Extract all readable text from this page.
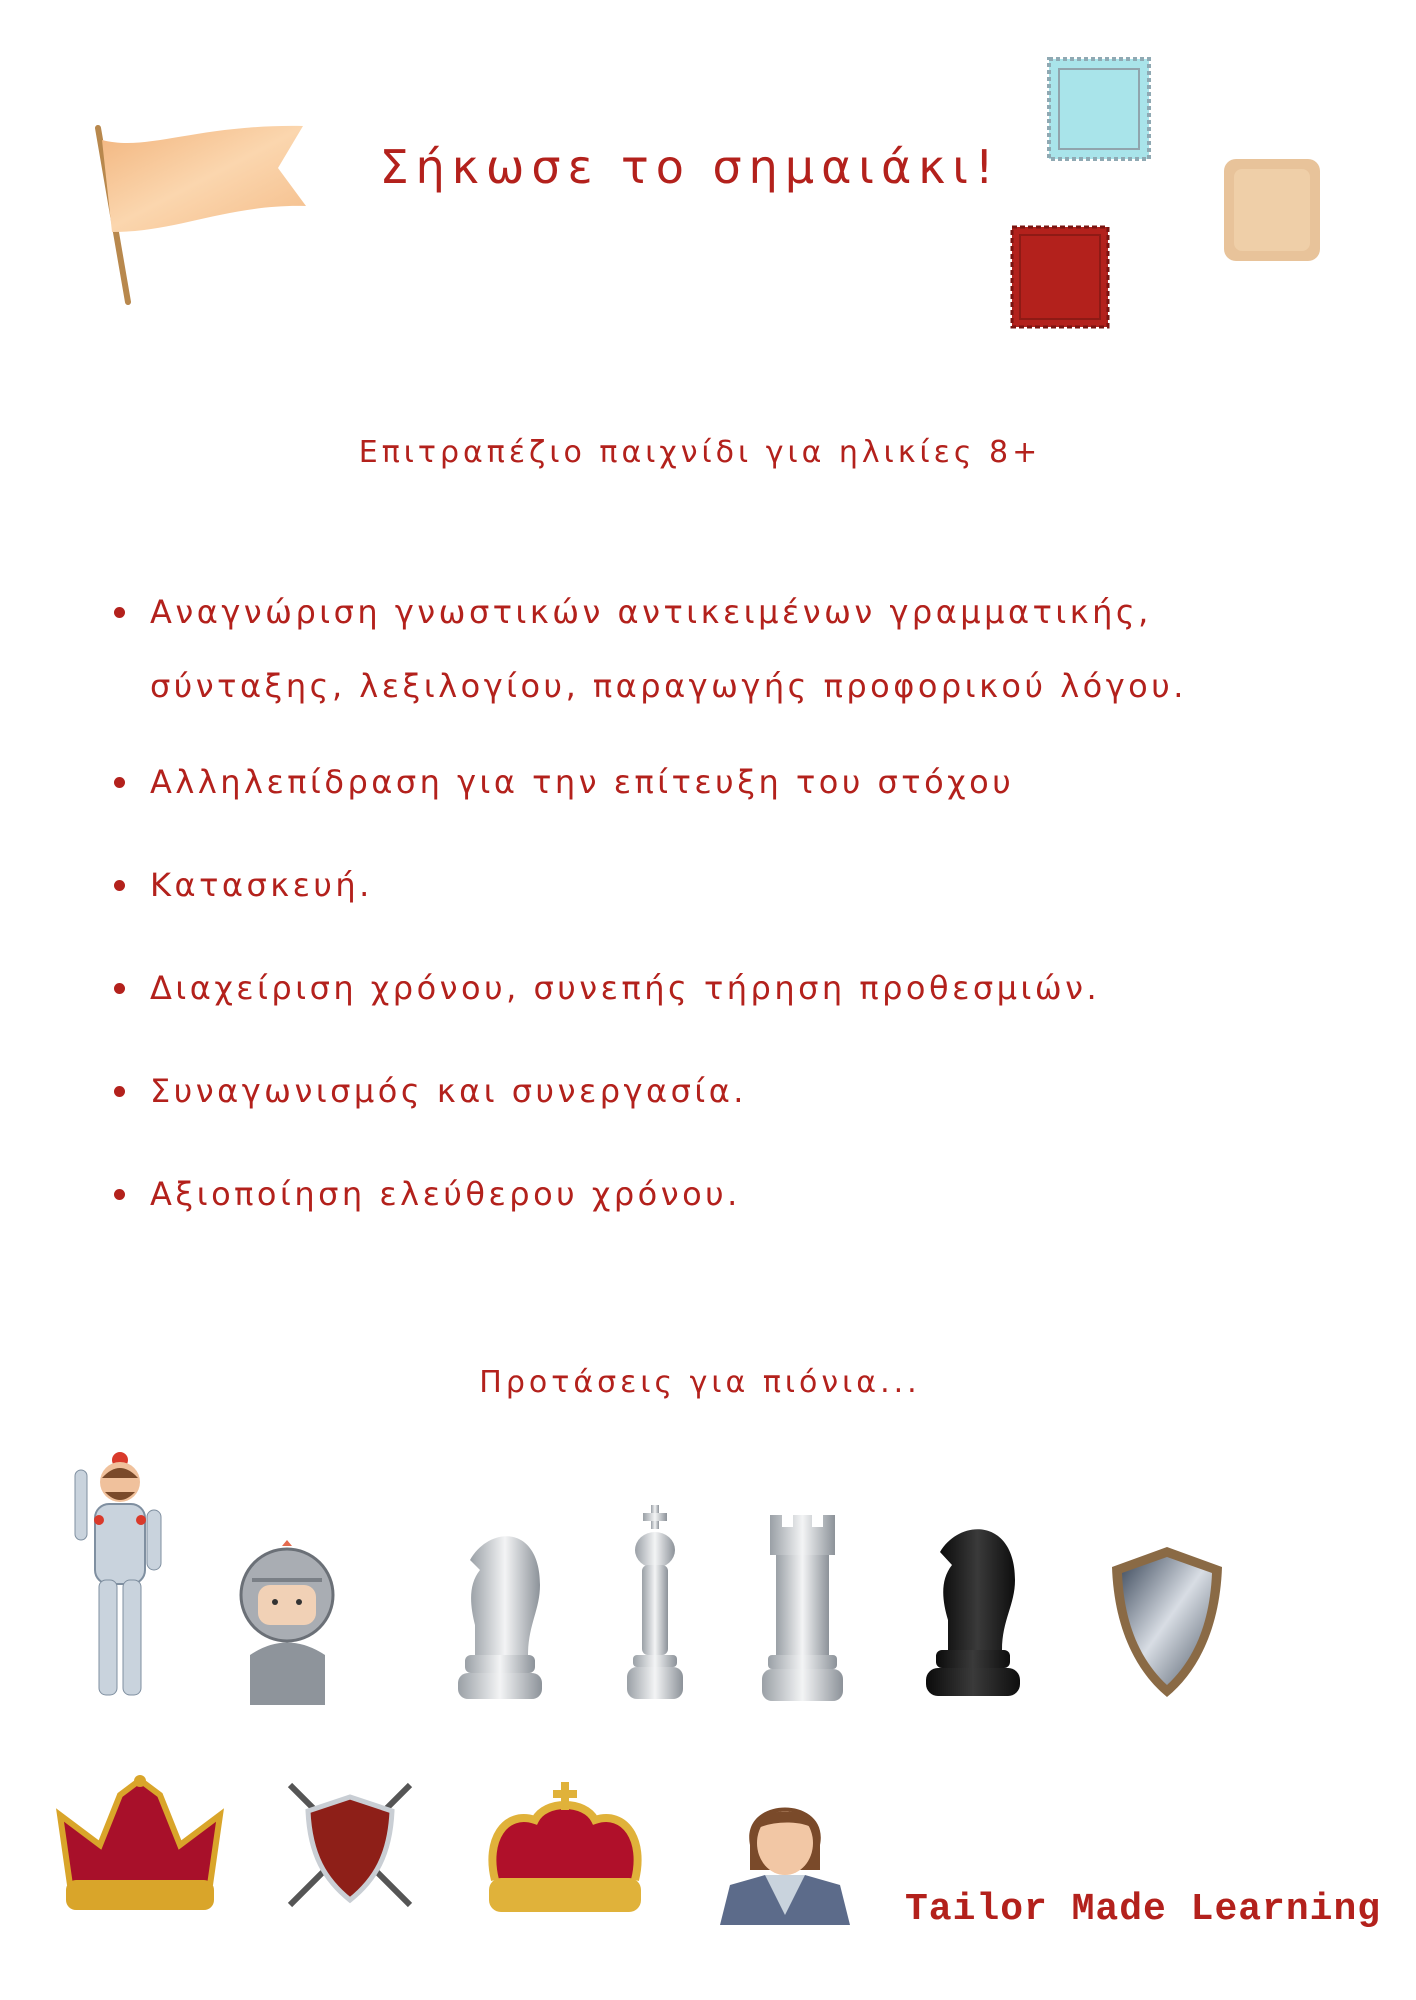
Σήκωσε το σημαιάκι!
Επιτραπέζιο παιχνίδι για ηλικίες 8+
Αναγνώριση γνωστικών αντικειμένων γραμματικής, σύνταξης, λεξιλογίου, παραγωγής προφορικού λόγου.
Αλληλεπίδραση για την επίτευξη του στόχου
Κατασκευή.
Διαχείριση χρόνου, συνεπής τήρηση προθεσμιών.
Συναγωνισμός και συνεργασία.
Αξιοποίηση ελεύθερου χρόνου.
Προτάσεις για πιόνια...
Tailor Made Learning
